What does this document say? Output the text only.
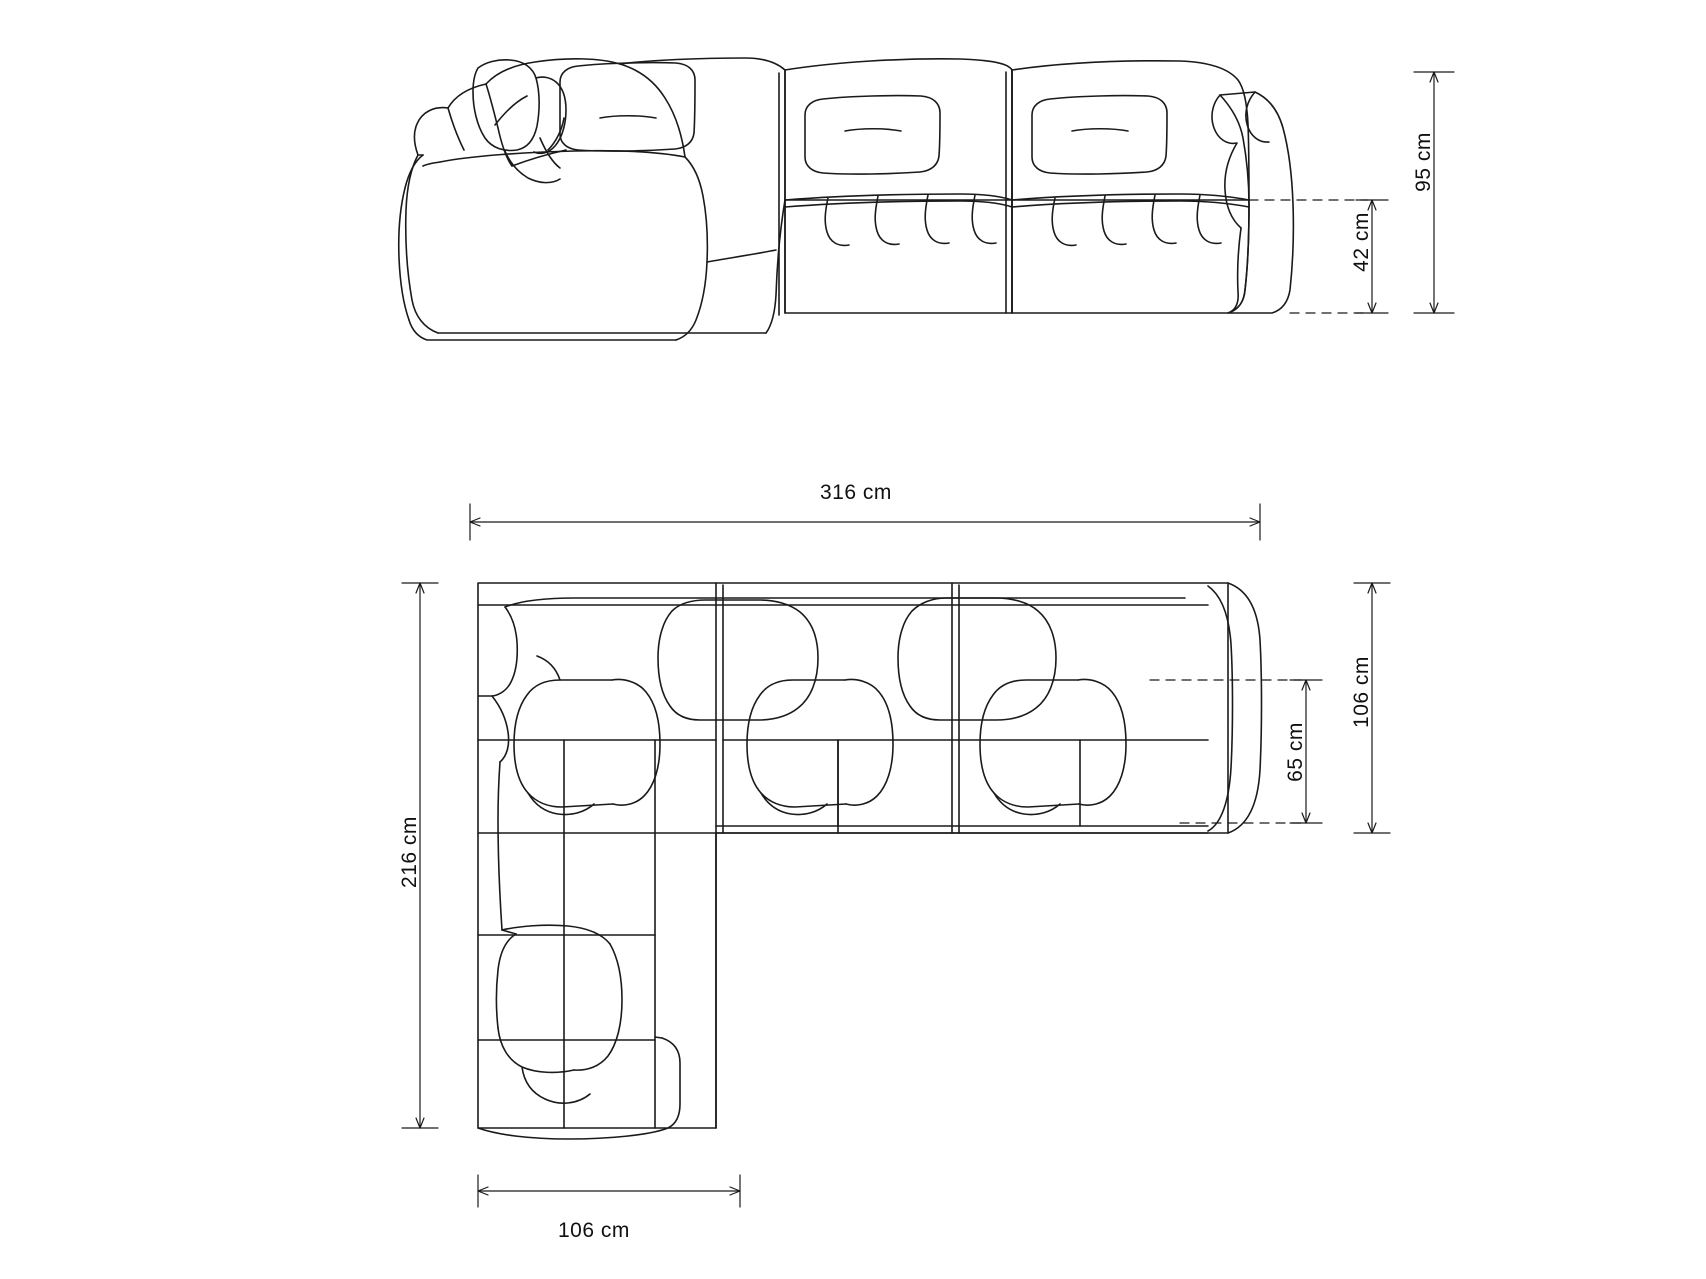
95 cm
42 cm
316 cm
216 cm
106 cm
65 cm
106 cm
